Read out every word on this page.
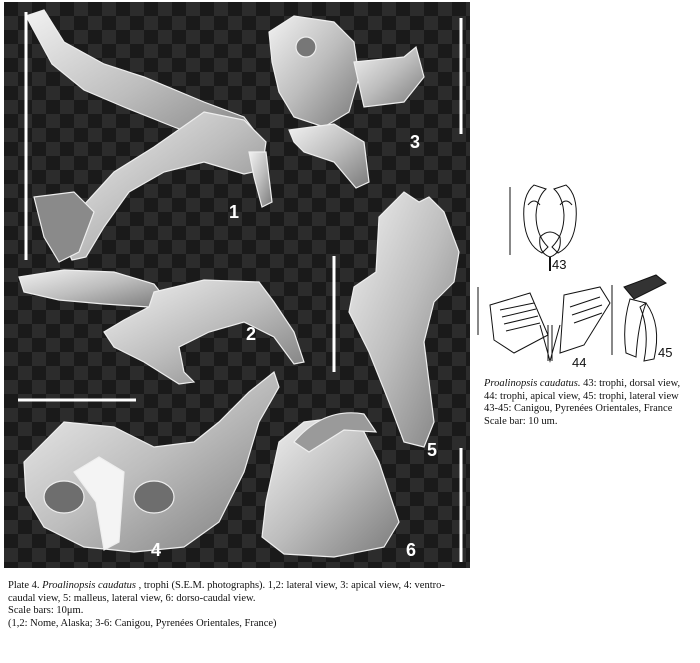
1
2
3
4
5
6
43
44
45

Proalinopsis caudatus. 43: trophi, dorsal view,

44: trophi, apical view, 45: trophi, lateral view

43-45: Canigou, Pyrenées Orientales, France

Scale bar: 10 um.

Plate 4. Proalinopsis caudatus , trophi (S.E.M. photographs). 1,2: lateral view, 3: apical view, 4: ventro-

caudal view, 5: malleus, lateral view, 6: dorso-caudal view.

Scale bars: 10μm.

(1,2: Nome, Alaska; 3-6: Canigou, Pyrenées Orientales, France)
